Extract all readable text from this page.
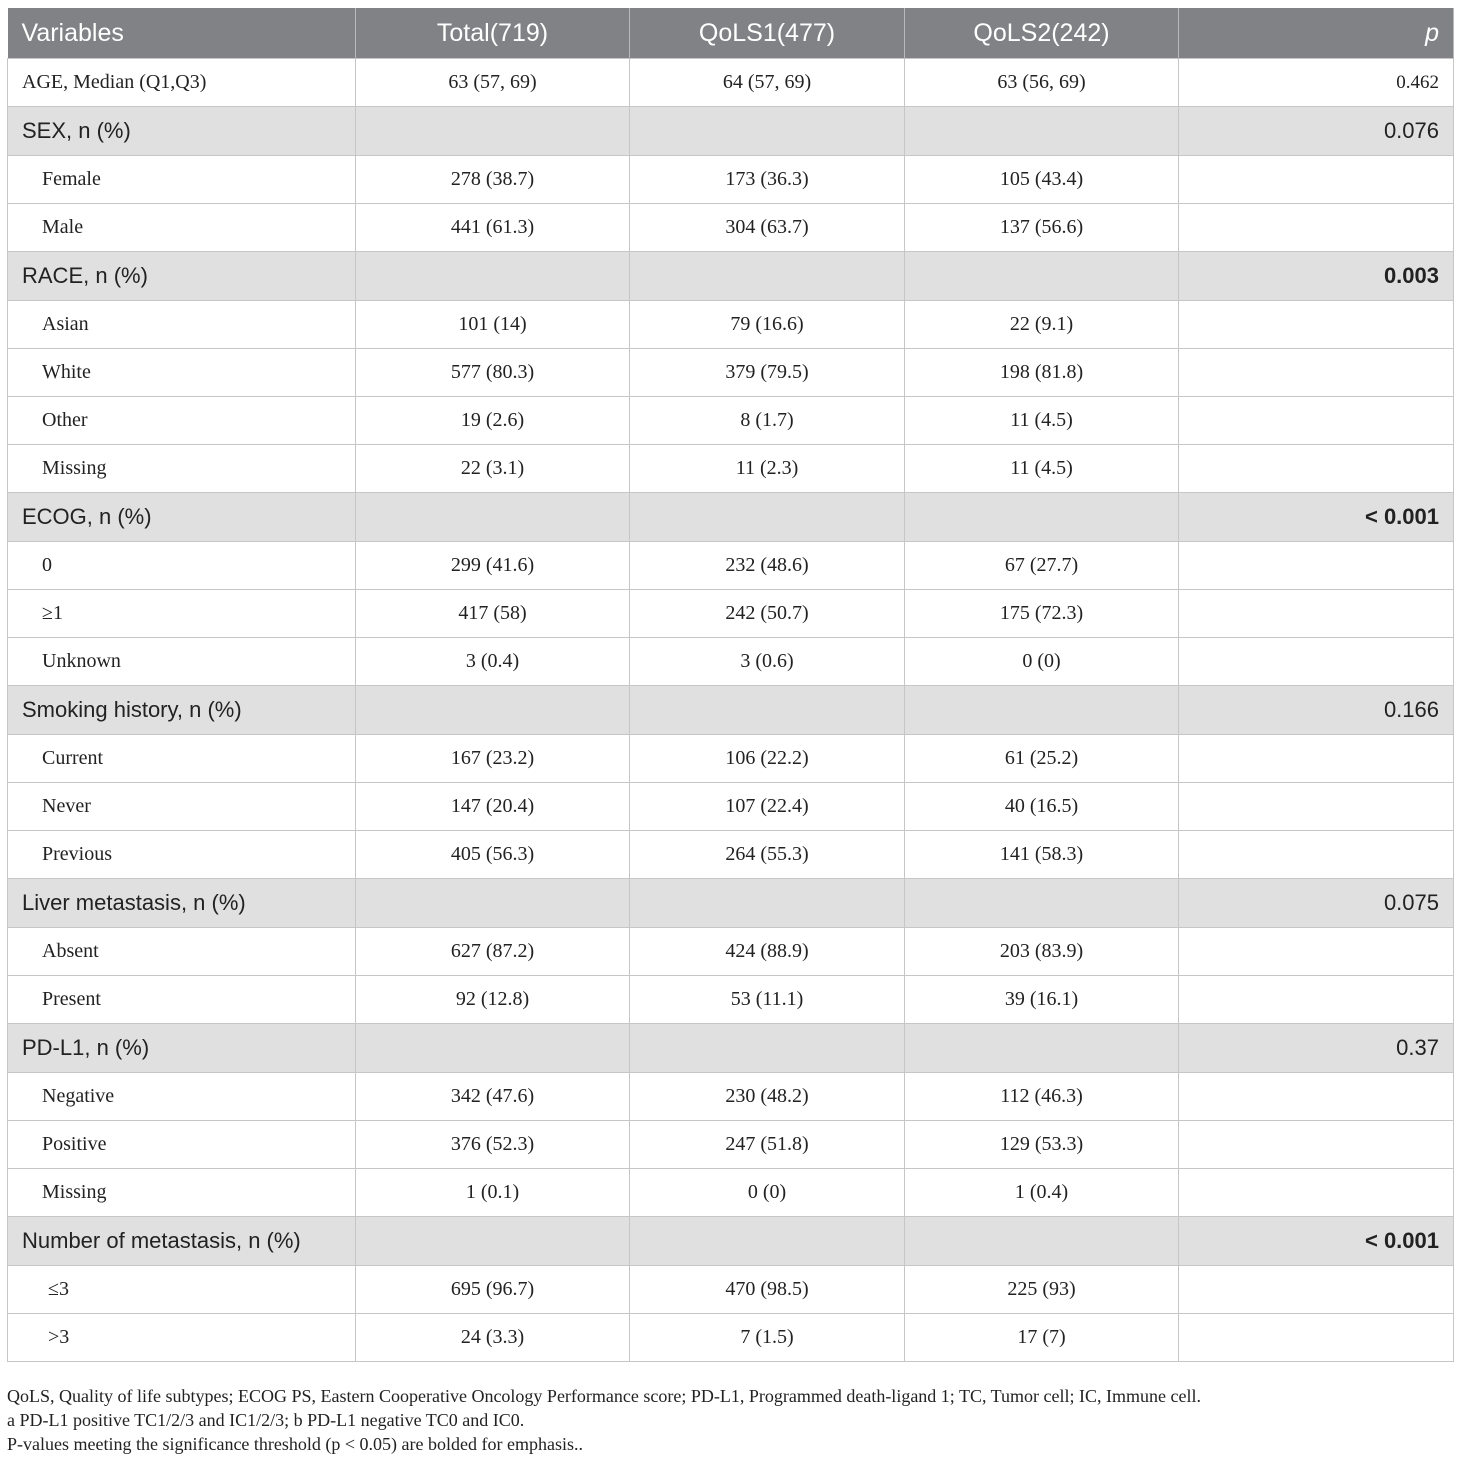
Variables	Total(719)	QoLS1(477)	QoLS2(242)	p
AGE, Median (Q1,Q3)	63 (57, 69)	64 (57, 69)	63 (56, 69)	0.462
SEX, n (%)				0.076
Female	278 (38.7)	173 (36.3)	105 (43.4)	
Male	441 (61.3)	304 (63.7)	137 (56.6)	
RACE, n (%)				0.003
Asian	101 (14)	79 (16.6)	22 (9.1)	
White	577 (80.3)	379 (79.5)	198 (81.8)	
Other	19 (2.6)	8 (1.7)	11 (4.5)	
Missing	22 (3.1)	11 (2.3)	11 (4.5)	
ECOG, n (%)				< 0.001
0	299 (41.6)	232 (48.6)	67 (27.7)	
≥1	417 (58)	242 (50.7)	175 (72.3)	
Unknown	3 (0.4)	3 (0.6)	0 (0)	
Smoking history, n (%)				0.166
Current	167 (23.2)	106 (22.2)	61 (25.2)	
Never	147 (20.4)	107 (22.4)	40 (16.5)	
Previous	405 (56.3)	264 (55.3)	141 (58.3)	
Liver metastasis, n (%)				0.075
Absent	627 (87.2)	424 (88.9)	203 (83.9)	
Present	92 (12.8)	53 (11.1)	39 (16.1)	
PD-L1, n (%)				0.37
Negative	342 (47.6)	230 (48.2)	112 (46.3)	
Positive	376 (52.3)	247 (51.8)	129 (53.3)	
Missing	1 (0.1)	0 (0)	1 (0.4)	
Number of metastasis, n (%)				< 0.001
≤3	695 (96.7)	470 (98.5)	225 (93)	
>3	24 (3.3)	7 (1.5)	17 (7)	
QoLS, Quality of life subtypes; ECOG PS, Eastern Cooperative Oncology Performance score; PD-L1, Programmed death-ligand 1; TC, Tumor cell; IC, Immune cell.
a PD-L1 positive TC1/2/3 and IC1/2/3; b PD-L1 negative TC0 and IC0.
P-values meeting the significance threshold (p < 0.05) are bolded for emphasis..
